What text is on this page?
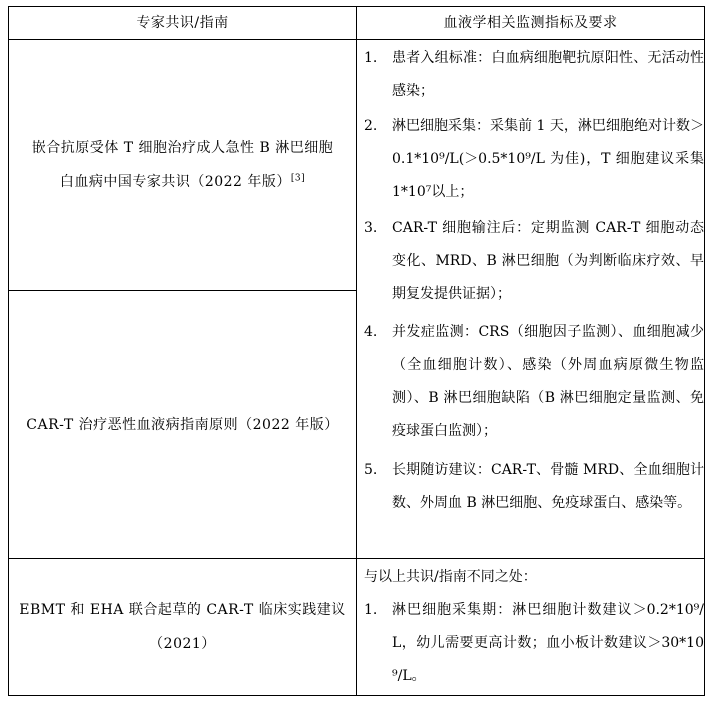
专家共识/指南	血液学相关监测指标及要求
嵌合抗原受体 T 细胞治疗成人急性 B 淋巴细胞
白血病中国专家共识（2022 年版）[3]
CAR-T 治疗恶性血液病指南原则（2022 年版）
EBMT 和 EHA 联合起草的 CAR-T 临床实践建议
（2021）
1. 患者入组标准：白血病细胞靶抗原阳性、无活动性感染；
2. 淋巴细胞采集：采集前 1 天，淋巴细胞绝对计数＞0.1*10⁹/L(＞0.5*10⁹/L 为佳)，T 细胞建议采集 1*10⁷以上；
3. CAR-T 细胞输注后：定期监测 CAR-T 细胞动态变化、MRD、B 淋巴细胞（为判断临床疗效、早期复发提供证据）；
4. 并发症监测：CRS（细胞因子监测）、血细胞减少（全血细胞计数）、感染（外周血病原微生物监测）、B 淋巴细胞缺陷（B 淋巴细胞定量监测、免疫球蛋白监测）；
5. 长期随访建议：CAR-T、骨髓 MRD、全血细胞计数、外周血 B 淋巴细胞、免疫球蛋白、感染等。
与以上共识/指南不同之处：
1. 淋巴细胞采集期：淋巴细胞计数建议＞0.2*10⁹/L，幼儿需要更高计数；血小板计数建议＞30*10⁹/L。
